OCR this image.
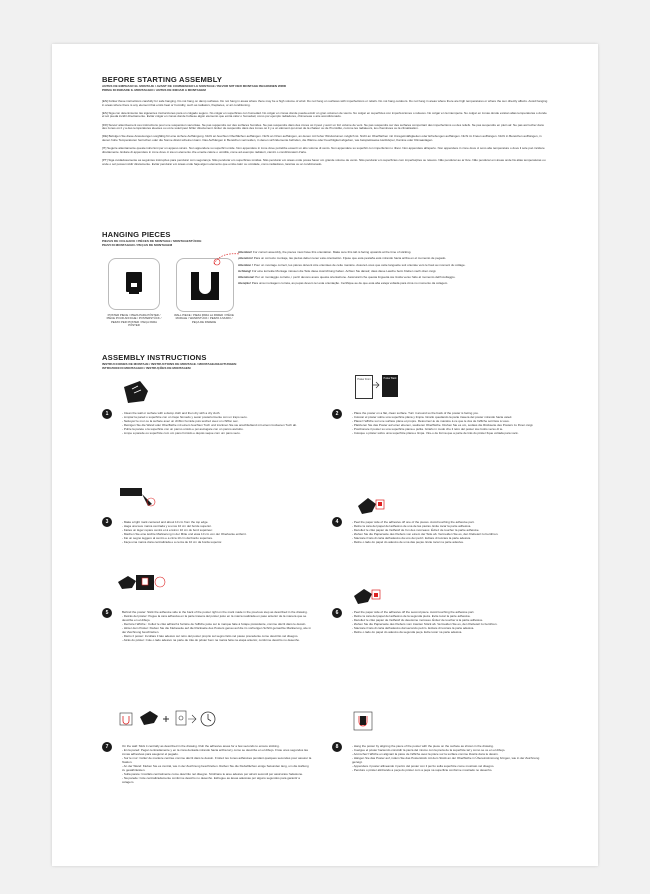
BEFORE STARTING ASSEMBLY
ANTES DE EMPEZAR EL MONTAJE / AVANT DE COMMENCER LE MONTAGE / BEVOR MIT DER MONTAGE BEGONNEN WIRD
PRIMA DI INIZIARE IL MONTAGGIO / ANTES DE INICIAR A MONTAGEM

[EN] Follow these instructions carefully for safe hanging. Do not hang on damp surfaces. Do not hang in areas where there may be a high volume of wind. Do not hang on surfaces with imperfections or reliefs. Do not hang outdoors. Do not hang in areas where there are high temperatures or where the sun directly affects. Avoid hanging in areas where there is any element that emits heat or humidity, such as radiators, fireplaces, or air conditioning.

[ES] Siga con detenimiento las siguientes instrucciones para un colgado seguro. No colgar en superficies con humedad. No colgar en zonas donde pueda existir un gran volumen de viento. No colgar en superficies con imperfecciones o relieves. No colgar en la intemperie. No colgar en zonas donde existan altas temperaturas o donde el sol pueda incidir directamente. Evitar colgar en zonas donde hubiese algún elemento que emita calor o humedad, como por ejemplo radiadores, chimeneas o aire acondicionado.

[FR] Suivez attentivement ces instructions pour une suspension sécurisée. Ne pas suspendre sur des surfaces humides. Ne pas suspendre dans des zones où il peut y avoir un fort volume de vent. Ne pas suspendre sur des surfaces comportant des imperfections ou des reliefs. Ne pas suspendre en plein air. Ne pas accrocher dans des zones où il y a des températures élevées ou où le soleil peut briller directement. Éviter de suspendre dans des zones où il y a un élément qui émet de la chaleur ou de l'humidité, comme les radiateurs, les cheminées ou la climatisation.

[DE] Befolgen Sie diese Anweisungen sorgfältig für eine sichere Aufhängung. Nicht an feuchten Oberflächen aufhängen. Nicht an Orten aufhängen, an denen mit hoher Windvolumen möglich ist. Nicht an Oberflächen mit Unregelmäßigkeiten oder Erhebungen aufhängen. Nicht im Freien aufhängen. Nicht in Bereichen aufhängen, in denen hohe Temperaturen herrschen oder die Sonne direkt scheinen kann. Das Aufhängen in Bereichen vermeiden, in denen sich Elemente befinden, die Wärme oder Feuchtigkeit abgeben, wie beispielsweise Heizkörper, Kamine oder Klimaanlagen.

[IT] Seguire attentamente queste istruzioni per un appeso sicuro. Non appendere su superfici umide. Non appendere in zone dove potrebbe esserci un alto volume di vento. Non appendere su superfici con imperfezioni o rilievi. Non appendere all'aperto. Non appendere in zone dove ci sono alte temperature o dove il sole può incidere direttamente. Evitare di appendere in zone dove ci sia un elemento che emette calore o umidità, come ad esempio radiatori, camini o condizionatori d'aria.

[PT] Siga cuidadosamente as seguintes instruções para pendurar com segurança. Não pendurar em superfícies úmidas. Não pendurar em áreas onde possa haver um grande volume de vento. Não pendurar em superfícies com imperfeições ou relevos. Não pendurar ao ar livre. Não pendurar em áreas onde há altas temperaturas ou onde o sol possa incidir diretamente. Evitar pendurar em áreas onde haja algum elemento que emita calor ou umidade, como radiadores, lareiras ou ar condicionado.

HANGING PIECES
PIEZAS DE COLGADO / PIÈCES DE MONTAGE / MONTAGESTÜCKE
PEZZI DI MONTAGGIO / PEÇAS DE MONTAGEM
POSTER PIECE / PIEZA PARA PÓSTER / PIÈCE POUR AFFICHE / POSTERSTÜCK / PEZZO PER POSTER / PEÇA PARA PÔSTER
WALL PIECE / PIEZA PARA LA PARED / PIÈCE MURALE / WANDSTÜCK / PEZZO A MURO / PEÇA DE PAREDE
Attention! For correct assembly, the pieces must have this orientation. Make sure this tab is facing upwards at the time of sticking.
¡Atención! Para un correcto montaje, las piezas deben tener esta orientación. Fíjese que esta pestaña esté mirando hacia arriba en el momento de pegado.
Attention ! Pour un montage correct, les pièces doivent être orientées de cette manière. Assurez-vous que cette languette soit orientée vers le haut au moment du collage.
Achtung! Für eine korrekte Montage müssen die Teile diese Ausrichtung haben. Achten Sie darauf, dass diese Lasche beim Kleben nach oben zeigt.
Attenzione! Per un montaggio corretto, i pezzi devono avere questa orientazione. Assicurarti che questa linguetta sia rivolta verso l'alto al momento dell'incollaggio.
Atenção! Para uma montagem correta, as peças devem ter esta orientação. Certifique-se de que esta aba esteja voltada para cima no momento da colagem.
ASSEMBLY INSTRUCTIONS
INSTRUCCIONES DE MONTAJE / INSTRUCTIONS DE MONTAGE / MONTAGEANLEITUNGEN
ISTRUZIONI DI MONTAGGIO / INSTRUÇÕES DE MONTAGEM
1	- Clean the wall or surface with a damp cloth and then dry with a dry cloth.

- Limpiar la pared o superficie con un trapo húmedo y secar posteriormente con un trapo seco.

- Nettoyez le mur ou la surface avec un chiffon humide puis séchez avec un chiffon sec.

- Reinigen Sie die Wand oder Oberfläche mit einem feuchten Tuch und trocknen Sie sie anschließend mit einem trockenen Tuch ab.

- Pulire la parete o la superficie con un panno umido e poi asciugare con un panno asciutto.

- Limpe a parede ou superfície com um pano húmido e depois seque com um pano seco.

Poster Front	Poster Back
2	- Place the poster on a flat, clean surface. Turn it around so the back of the poster is facing you.

- Colocar el póster sobre una superficie plana y limpia. Girarlo quedando la parte trasera del poster mirando hacia usted.

- Placez l'affiche sur une surface plane et propre. Retournez-le de manière à ce que le dos de l'affiche soit face à vous.

- Platzieren Sie das Poster auf einer ebenen, sauberen Oberfläche. Drehen Sie es um, sodass die Rückseite des Posters zu Ihnen zeigt.

- Posizionare il poster su una superficie piana e pulita. Girarlo in modo che il retro del poster sia rivolto verso di te.

- Coloque o pôster sobre uma superfície plana e limpa. Vire-o de forma que a parte de trás do pôster fique voltada para você.

3	- Make a light mark centered and about 10 cm from the top edge.

- Haga una leve marca centrada y a unos 10 cm del borde superior.

- Faites un léger repère centré et à environ 10 cm du bord supérieur.

- Machen Sie eine leichte Markierung in der Mitte und etwa 10 cm von der Oberkante entfernt.

- Fai un segno leggero al centro e a circa 10 cm dal bordo superiore.

- Faça uma marca clara centralizada e a cerca de 10 cm da borda superior.

4	- Peel the paper side of the adhesive off one of the pieces. Avoid touching the adhesive part.

- Retire la cara del papel del adhesivo de una de las piezas. Evite tocar la parte adhesiva.

- Décollez le côté papier de l'adhésif de l'un des morceaux. Évitez de toucher la partie adhésive.

- Ziehen Sie die Papierseite des Klebers von einem der Teile ab. Vermeiden Sie es, den Klebeteil zu berühren.

- Staccare il lato di carta dell'adesivo da uno dei pezzi. Evitare di toccare la parte adesiva.

- Retire o lado do papel do adesivo de uma das peças. Evite tocar na parte adesiva.

5	Behind the poster: Stick the adhesive side to the back of the poster right on the mark made in the previous step as described in the drawing.

- Detrás del póster: Pegue la cara adhesiva en la parte trasera del póster justo en la marca realizada en paso anterior de la manera que se describe en el dibujo.

- Derrière l'affiche : Collez le côté adhésif à l'arrière de l'affiche juste sur le marque faite à l'étape précédente, comme décrit dans le dessin.

- Hinter dem Poster: Kleben Sie die Klebeseite auf die Rückseite des Posters genau auf die im vorherigen Schritt gemachte Markierung, wie in der Zeichnung beschrieben.

- Dietro il poster: Incollare il lato adesivo sul retro del poster proprio sul segno fatto nel passo precedente come descritto nel disegno.

- Atrás do pôster: Cole o lado adesivo na parte de trás do pôster bem na marca feita na etapa anterior, conforme descrito no desenho.

6	- Peel the paper side of the adhesive off the second piece. Avoid touching the adhesive part.

- Retire la cara del papel del adhesivo de la segunda pieza. Evite tocar la parte adhesiva.

- Décollez le côté papier de l'adhésif du deuxième morceau. Évitez de toucher à la partie adhésive.

- Ziehen Sie die Papierseite des Klebers vom zweiten Stück ab. Vermeiden Sie es, den Klebeteil zu berühren.

- Staccare il lato di carta dell'adesivo dal secondo pezzo. Evitare di toccare la parte adesiva.

- Retire o lado do papel do adesivo da segunda peça. Evite tocar na parte adesiva.

7	On the wall: Stick it centrally as described in the drawing. Rub the adhesive areas for a few seconds to ensure sticking.

- En la pared: Pegar centradamente y en la zona dentada mirando hacia arriba tal y como se describe en el dibujo. Frote unos segundos las zonas adhesivas para asegurar el pegado.

- Sur le mur: Collez de manière centrée comme décrit dans le dessin. Frottez les zones adhésives pendant quelques secondes pour assurer la fixation.

- An der Wand: Kleben Sie es zentral, wie in der Zeichnung beschrieben. Reiben Sie die Klebeflächen einige Sekunden lang, um die Haftung zu gewährleisten.

- Sulla parete: Incollalo centralmente come descritto nel disegno. Strofinare le aree adesive per alcuni secondi per assicurare l'adesione.

- Na parede: Cole centralizadamente conforme descrito no desenho. Esfregue as áreas adesivas por alguns segundos para garantir a colagem.

8	- Hang the poster by aligning the piece of the poster with the piece on the surface as shown in the drawing.

- Cuelgue el póster haciendo coincidir la pieza del mismo con la pieza de la superficie tal y como se ve en el dibujo.

- Accrochez l'affiche en alignant la pièce de l'affiche avec la pièce sur la surface comme illustré dans le dessin.

- Hängen Sie das Poster auf, indem Sie das Posterstück mit dem Stück an der Oberfläche in Übereinstimmung bringen, wie in der Zeichnung gezeigt.

- Appendere il poster allineando il pezzo del poster con il pezzo sulla superficie come mostrato nel disegno.

- Pendure o pôster alinhando a peça do pôster com a peça na superfície conforme mostrado no desenho.
